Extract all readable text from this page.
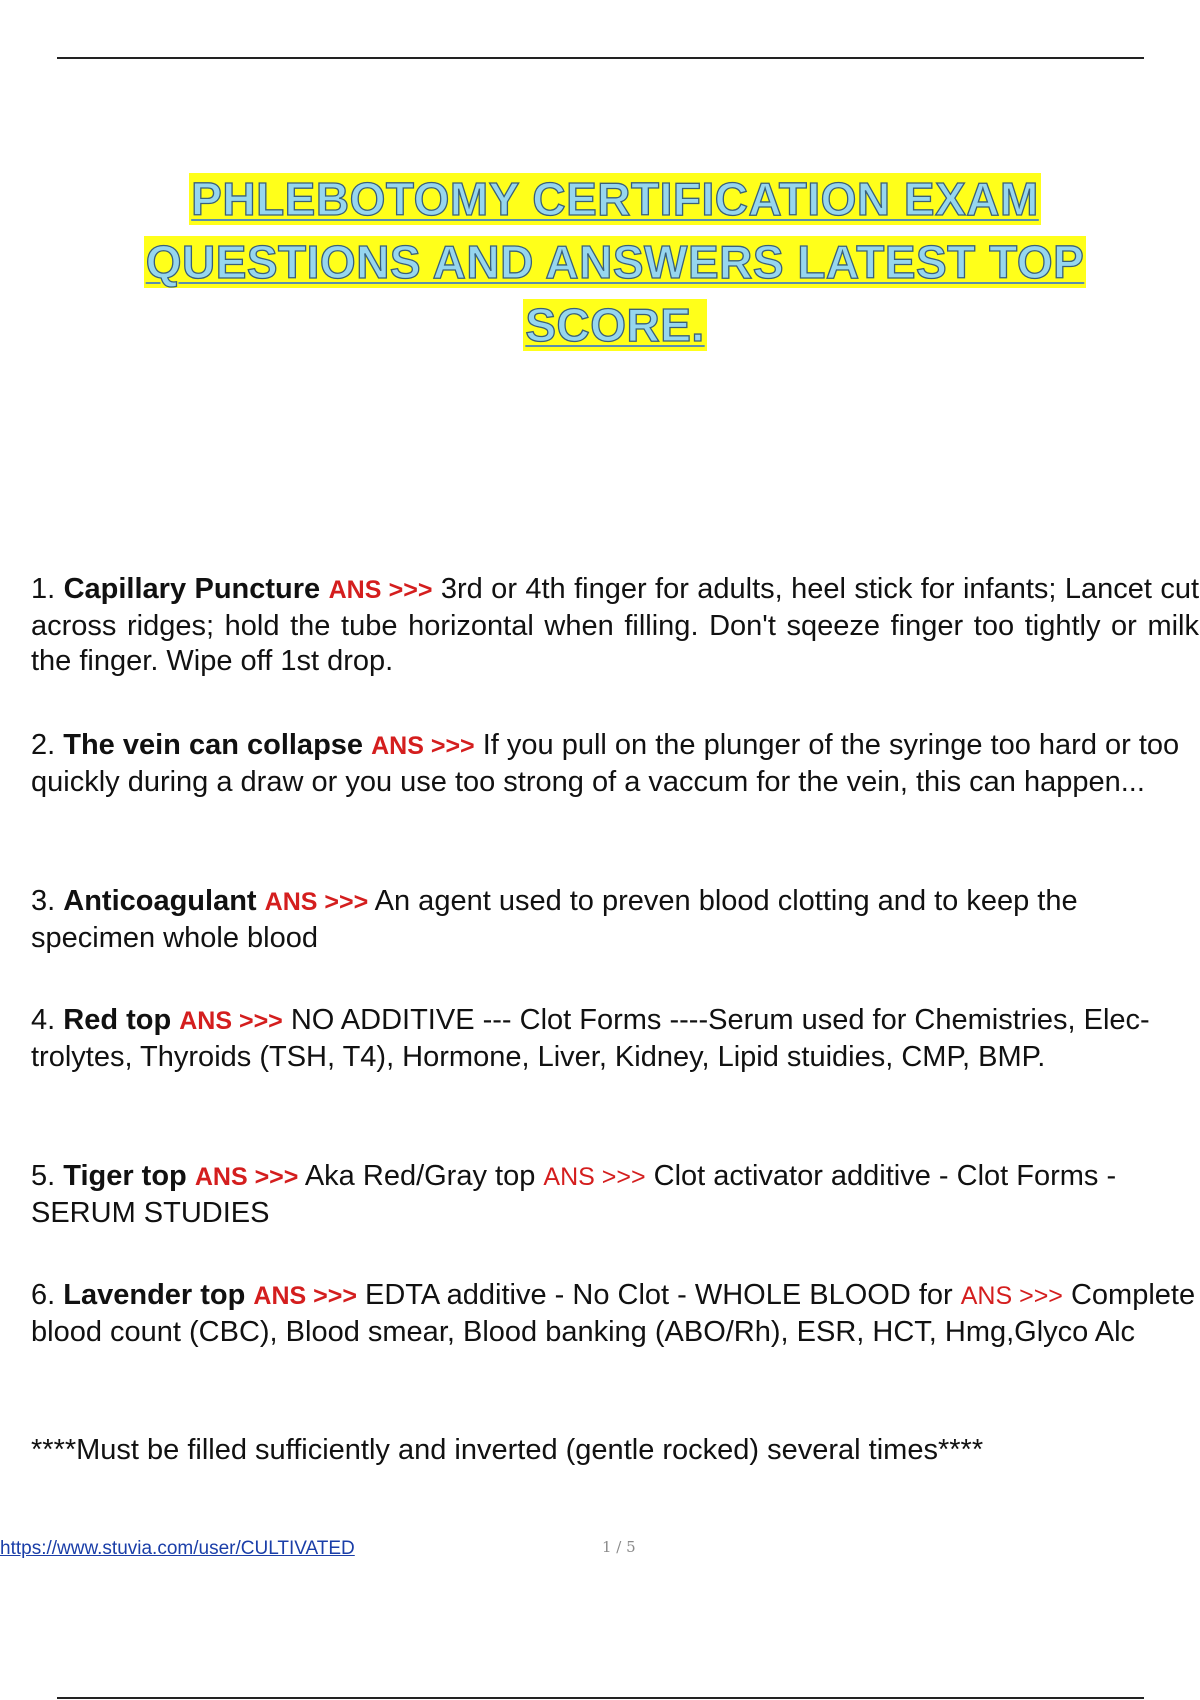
PHLEBOTOMY CERTIFICATION EXAM
QUESTIONS AND ANSWERS LATEST TOP
SCORE.

1. Capillary Puncture ANS >>> 3rd or 4th finger for adults, heel stick for infants; Lancet cut across ridges; hold the tube horizontal when filling. Don't sqeeze finger too tightly or milk the finger. Wipe off 1st drop.

2. The vein can collapse ANS >>> If you pull on the plunger of the syringe too hard or too quickly during a draw or you use too strong of a vaccum for the vein, this can happen...

3. Anticoagulant ANS >>> An agent used to preven blood clotting and to keep the specimen whole blood

4. Red top ANS >>> NO ADDITIVE --- Clot Forms ----Serum used for Chemistries, Elec- trolytes, Thyroids (TSH, T4), Hormone, Liver, Kidney, Lipid stuidies, CMP, BMP.

5. Tiger top ANS >>> Aka Red/Gray top ANS >>> Clot activator additive - Clot Forms - SERUM STUDIES

6. Lavender top ANS >>> EDTA additive - No Clot - WHOLE BLOOD for ANS >>> Complete blood count (CBC), Blood smear, Blood banking (ABO/Rh), ESR, HCT, Hmg,Glyco Alc

****Must be filled sufficiently and inverted (gentle rocked) several times****

https://www.stuvia.com/user/CULTIVATED	1 / 5
